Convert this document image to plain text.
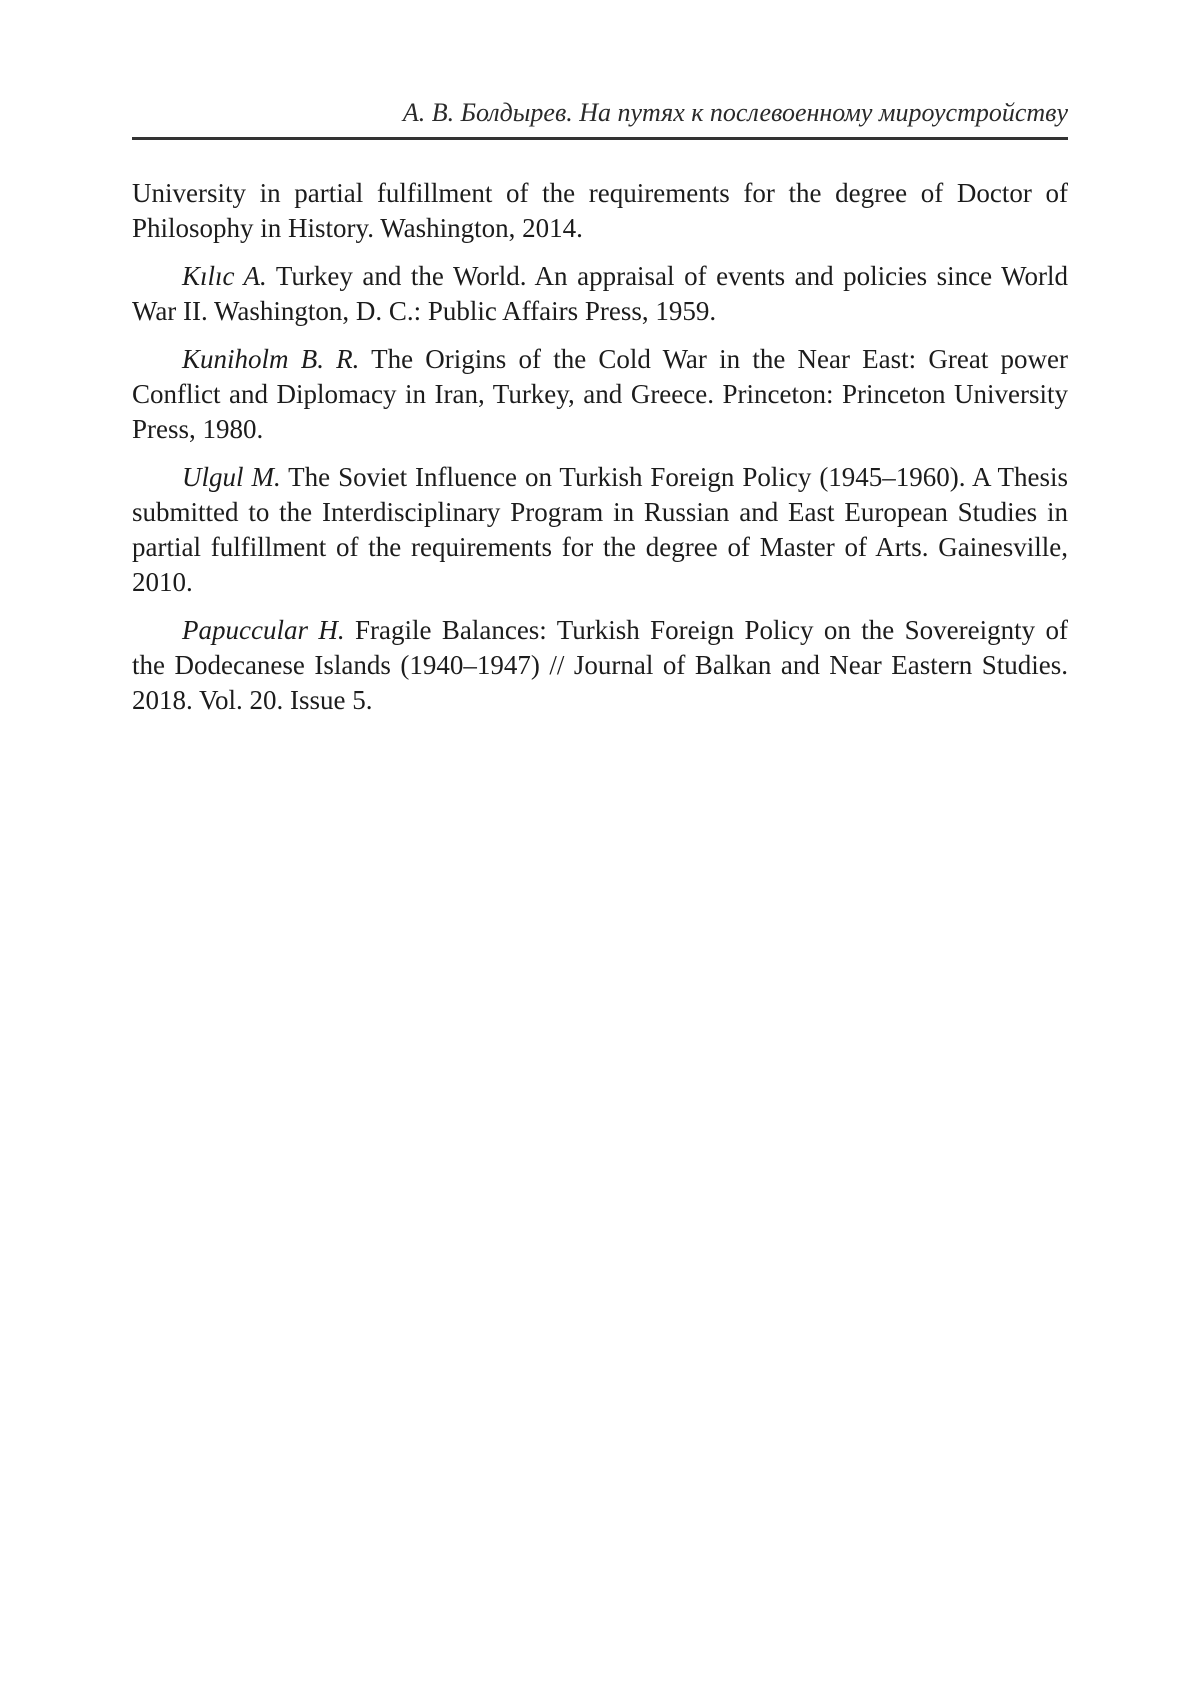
А. В. Болдырев. На путях к послевоенному мироустройству

University in partial fulfillment of the requirements for the degree of Doctor of Philosophy in History. Washington, 2014.

Kılıc A. Turkey and the World. An appraisal of events and policies since World War II. Washington, D. C.: Public Affairs Press, 1959.

Kuniholm B. R. The Origins of the Cold War in the Near East: Great power Conflict and Diplomacy in Iran, Turkey, and Greece. Princeton: Princeton University Press, 1980.

Ulgul M. The Soviet Influence on Turkish Foreign Policy (1945–1960). A Thesis submitted to the Interdisciplinary Program in Russian and East European Studies in partial fulfillment of the requirements for the degree of Master of Arts. Gainesville, 2010.

Papuccular H. Fragile Balances: Turkish Foreign Policy on the Sovereignty of the Dodecanese Islands (1940–1947) // Journal of Balkan and Near Eastern Studies. 2018. Vol. 20. Issue 5.
